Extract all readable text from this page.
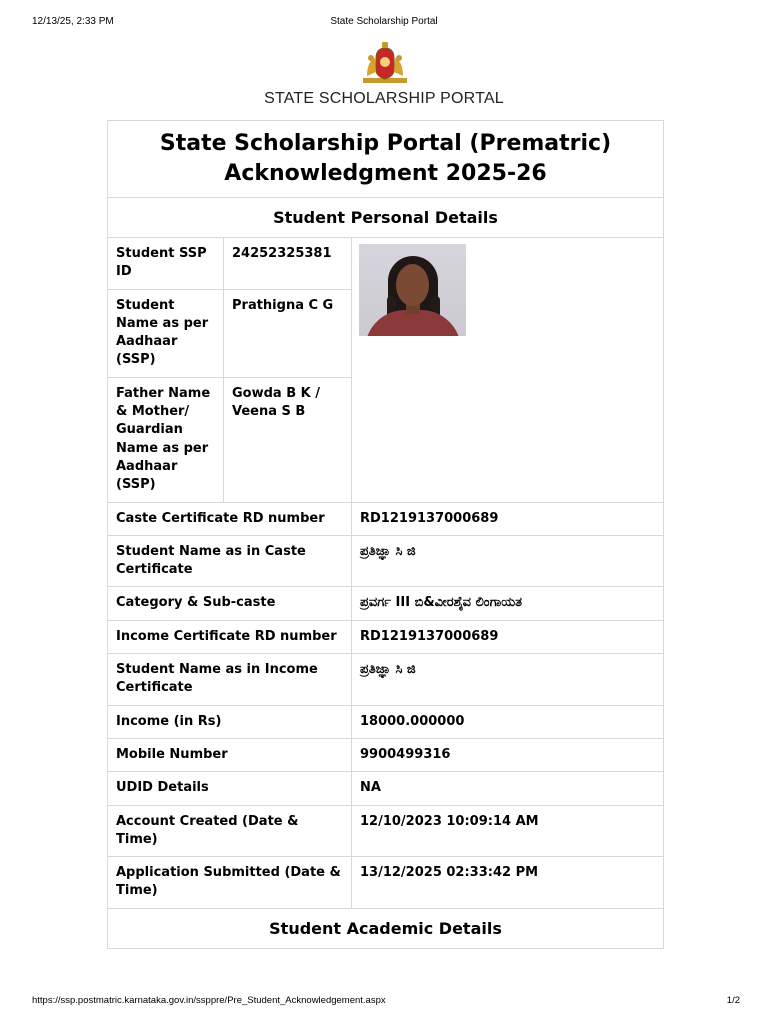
12/13/25, 2:33 PM	State Scholarship Portal
STATE SCHOLARSHIP PORTAL
State Scholarship Portal (Prematric)
Acknowledgment 2025-26		

Student Personal Details		
Student SSP ID	24252325381	

Student Name as per Aadhaar (SSP)	Prathigna C G	
Father Name & Mother/ Guardian Name as per Aadhaar (SSP)	Gowda B K / Veena S B	
Caste Certificate RD number		RD1219137000689
Student Name as in Caste Certificate		ಪ್ರತಿಜ್ಞಾ ಸಿ ಜಿ
Category & Sub-caste		ಪ್ರವರ್ಗ III ಬಿ&ವೀರಶೈವ ಲಿಂಗಾಯತ
Income Certificate RD number		RD1219137000689
Student Name as in Income Certificate		ಪ್ರತಿಜ್ಞಾ ಸಿ ಜಿ
Income (in Rs)		18000.000000
Mobile Number		9900499316
UDID Details		NA
Account Created (Date & Time)		12/10/2023 10:09:14 AM
Application Submitted (Date & Time)		13/12/2025 02:33:42 PM
Student Academic Details		
https://ssp.postmatric.karnataka.gov.in/ssppre/Pre_Student_Acknowledgement.aspx	1/2
